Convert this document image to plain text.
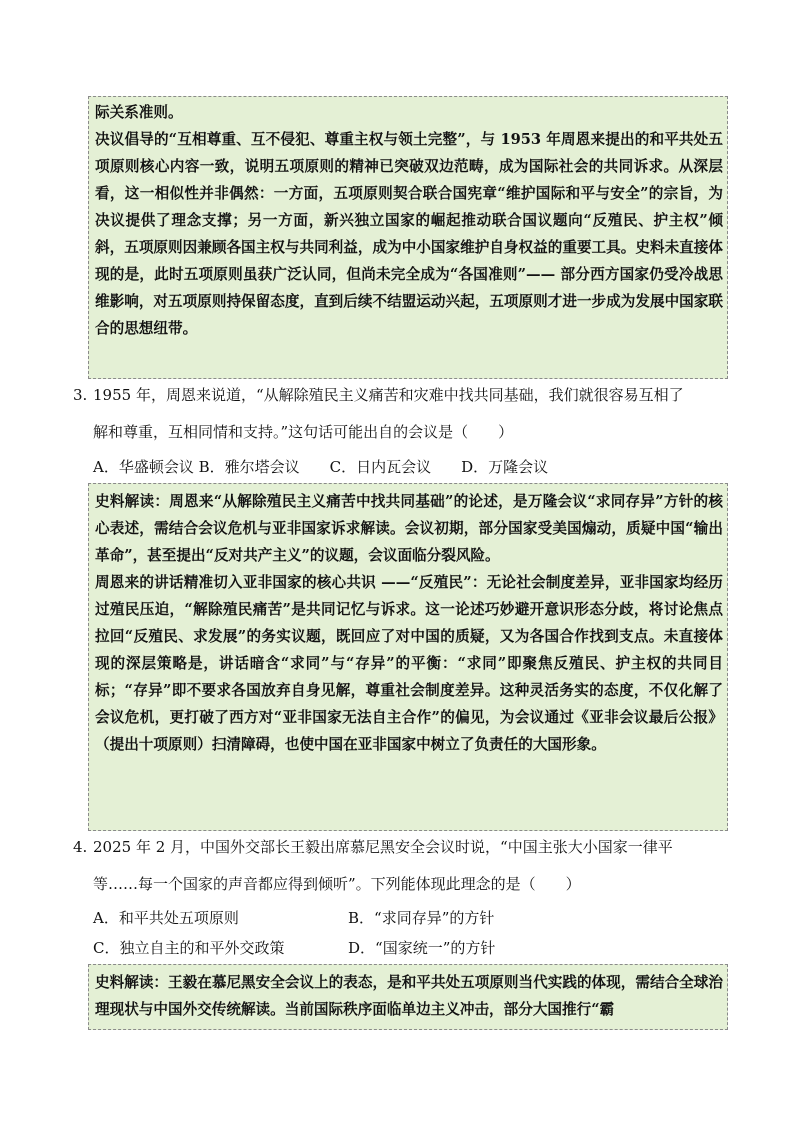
际关系准则。

决议倡导的“互相尊重、互不侵犯、尊重主权与领土完整”，与 1953 年周恩来提出的和平共处五项原则核心内容一致，说明五项原则的精神已突破双边范畴，成为国际社会的共同诉求。从深层看，这一相似性并非偶然：一方面，五项原则契合联合国宪章“维护国际和平与安全”的宗旨，为决议提供了理念支撑；另一方面，新兴独立国家的崛起推动联合国议题向“反殖民、护主权”倾斜，五项原则因兼顾各国主权与共同利益，成为中小国家维护自身权益的重要工具。史料未直接体现的是，此时五项原则虽获广泛认同，但尚未完全成为“各国准则”—— 部分西方国家仍受冷战思维影响，对五项原则持保留态度，直到后续不结盟运动兴起，五项原则才进一步成为发展中国家联合的思想纽带。

3. 1955 年，周恩来说道，“从解除殖民主义痛苦和灾难中找共同基础，我们就很容易互相了
解和尊重，互相同情和支持。”这句话可能出自的会议是（　　）
A．华盛顿会议 B．雅尔塔会议　　C．日内瓦会议　　D．万隆会议

史料解读：周恩来“从解除殖民主义痛苦中找共同基础”的论述，是万隆会议“求同存异”方针的核心表述，需结合会议危机与亚非国家诉求解读。会议初期，部分国家受美国煽动，质疑中国“输出革命”，甚至提出“反对共产主义”的议题，会议面临分裂风险。

周恩来的讲话精准切入亚非国家的核心共识 ——“反殖民”：无论社会制度差异，亚非国家均经历过殖民压迫，“解除殖民痛苦”是共同记忆与诉求。这一论述巧妙避开意识形态分歧，将讨论焦点拉回“反殖民、求发展”的务实议题，既回应了对中国的质疑，又为各国合作找到支点。未直接体现的深层策略是，讲话暗含“求同”与“存异”的平衡：“求同”即聚焦反殖民、护主权的共同目标；“存异”即不要求各国放弃自身见解，尊重社会制度差异。这种灵活务实的态度，不仅化解了会议危机，更打破了西方对“亚非国家无法自主合作”的偏见，为会议通过《亚非会议最后公报》（提出十项原则）扫清障碍，也使中国在亚非国家中树立了负责任的大国形象。

4. 2025 年 2 月，中国外交部长王毅出席慕尼黑安全会议时说，“中国主张大小国家一律平
等……每一个国家的声音都应得到倾听”。下列能体现此理念的是（　　）
A．和平共处五项原则	B．“求同存异”的方针
C．独立自主的和平外交政策	D．“国家统一”的方针

史料解读：王毅在慕尼黑安全会议上的表态，是和平共处五项原则当代实践的体现，需结合全球治理现状与中国外交传统解读。当前国际秩序面临单边主义冲击，部分大国推行“霸
